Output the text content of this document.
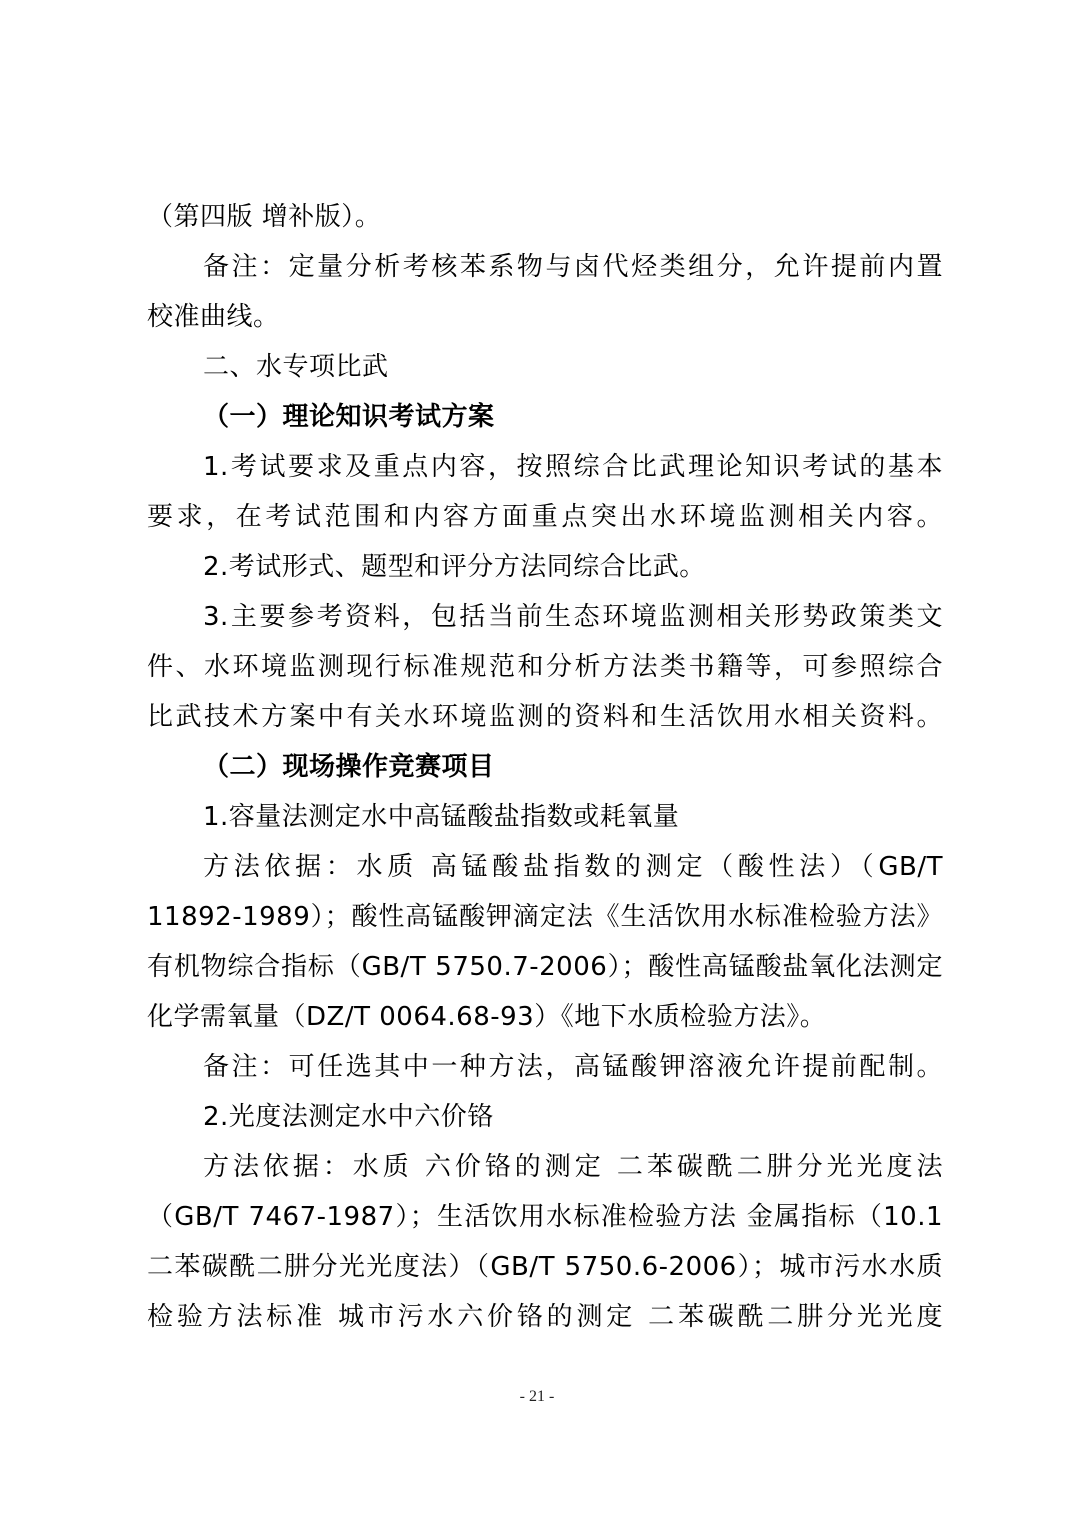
（第四版 增补版）。
备注：定量分析考核苯系物与卤代烃类组分，允许提前内置
校准曲线。
二、水专项比武
（一）理论知识考试方案
1.考试要求及重点内容，按照综合比武理论知识考试的基本
要求，在考试范围和内容方面重点突出水环境监测相关内容。
2.考试形式、题型和评分方法同综合比武。
3.主要参考资料，包括当前生态环境监测相关形势政策类文
件、水环境监测现行标准规范和分析方法类书籍等，可参照综合
比武技术方案中有关水环境监测的资料和生活饮用水相关资料。
（二）现场操作竞赛项目
1.容量法测定水中高锰酸盐指数或耗氧量
方法依据：水质 高锰酸盐指数的测定（酸性法）（GB/T
11892-1989）；酸性高锰酸钾滴定法《生活饮用水标准检验方法》
有机物综合指标（GB/T 5750.7-2006）；酸性高锰酸盐氧化法测定
化学需氧量（DZ/T 0064.68-93）《地下水质检验方法》。
备注：可任选其中一种方法，高锰酸钾溶液允许提前配制。
2.光度法测定水中六价铬
方法依据：水质 六价铬的测定 二苯碳酰二肼分光光度法
（GB/T 7467-1987）；生活饮用水标准检验方法 金属指标（10.1
二苯碳酰二肼分光光度法）（GB/T 5750.6-2006）；城市污水水质
检验方法标准 城市污水六价铬的测定 二苯碳酰二肼分光光度
- 21 -
